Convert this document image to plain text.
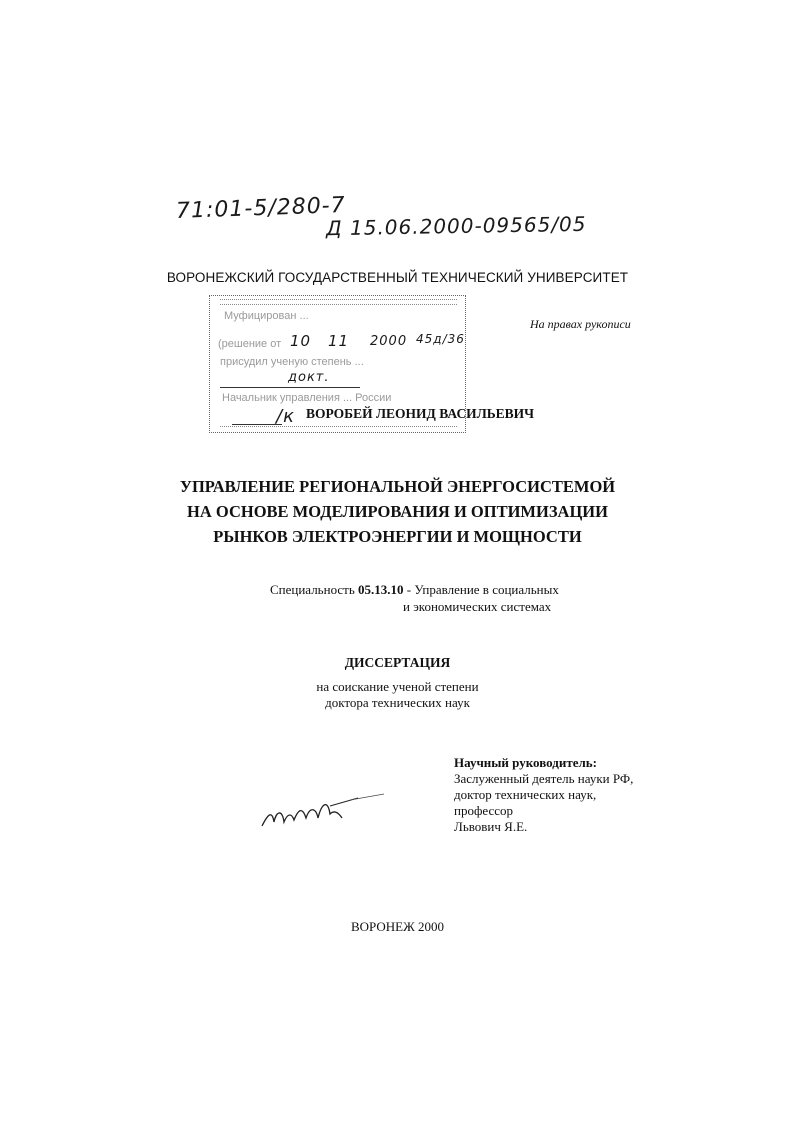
71:01-5/280-7
Д 15.06.2000-09565/05
ВОРОНЕЖСКИЙ ГОСУДАРСТВЕННЫЙ ТЕХНИЧЕСКИЙ УНИВЕРСИТЕТ
На правах рукописи
Муфицирован ...
(решение от 10 11 2000 45д/36
присудил ученую степень ...
докт.
Начальник управления ... России
/к ВОРОБЕЙ ЛЕОНИД ВАСИЛЬЕВИЧ
УПРАВЛЕНИЕ РЕГИОНАЛЬНОЙ ЭНЕРГОСИСТЕМОЙ
НА ОСНОВЕ МОДЕЛИРОВАНИЯ И ОПТИМИЗАЦИИ
РЫНКОВ ЭЛЕКТРОЭНЕРГИИ И МОЩНОСТИ
Специальность 05.13.10 - Управление в социальных
и экономических системах
ДИССЕРТАЦИЯ
на соискание ученой степени
доктора технических наук
Научный руководитель:
Заслуженный деятель науки РФ,
доктор технических наук,
профессор
Львович Я.Е.
ВОРОНЕЖ 2000
